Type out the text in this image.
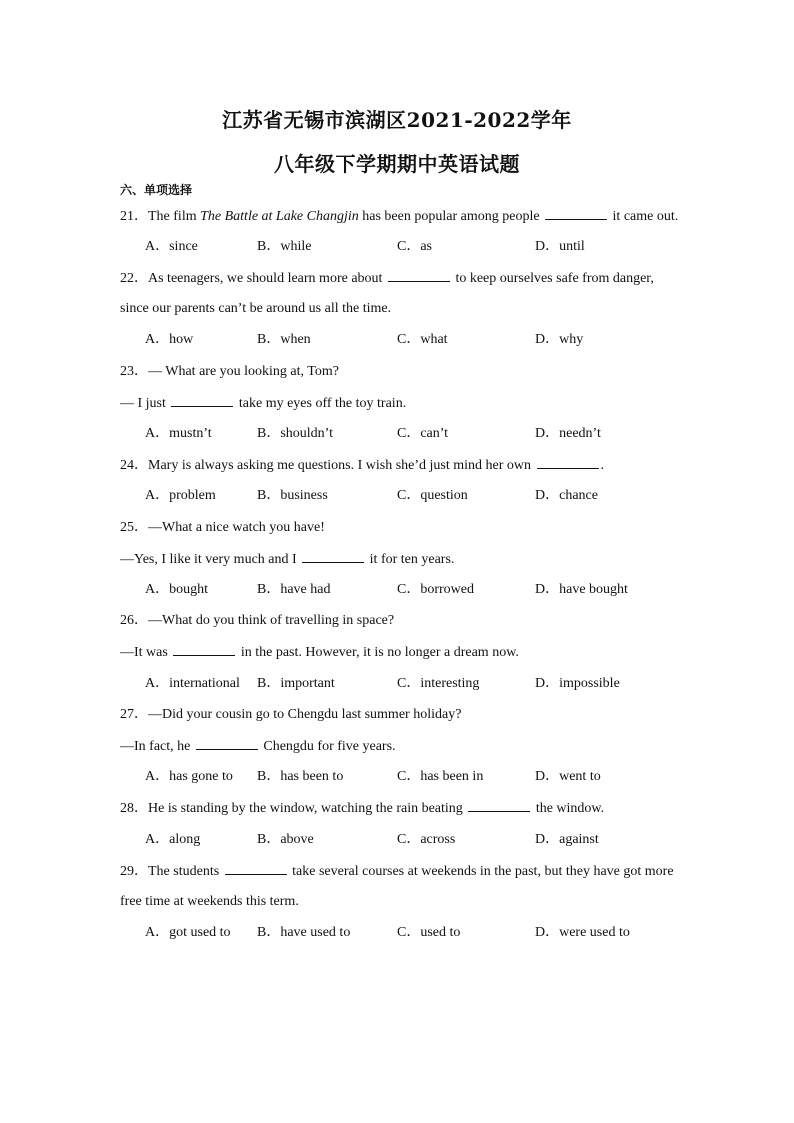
江苏省无锡市滨湖区2021-2022学年
八年级下学期期中英语试题
六、单项选择
21．The film The Battle at Lake Changjin has been popular among people	it came out.
A．since	B．while	C．as	D．until
22．As teenagers, we should learn more about	to keep ourselves safe from danger,
since our parents can’t be around us all the time.
A．how	B．when	C．what	D．why
23．— What are you looking at, Tom?
— I just	take my eyes off the toy train.
A．mustn’t	B．shouldn’t	C．can’t	D．needn’t
24．Mary is always asking me questions. I wish she’d just mind her own	.
A．problem	B．business	C．question	D．chance
25．—What a nice watch you have!
—Yes, I like it very much and I	it for ten years.
A．bought	B．have had	C．borrowed	D．have bought
26．—What do you think of travelling in space?
—It was	in the past. However, it is no longer a dream now.
A．international B．important	C．interesting	D．impossible
27．—Did your cousin go to Chengdu last summer holiday?
—In fact, he	Chengdu for five years.
A．has gone to B．has been to	C．has been in	D．went to
28．He is standing by the window, watching the rain beating	the window.
A．along	B．above	C．across	D．against
29．The students	take several courses at weekends in the past, but they have got more
free time at weekends this term.
A．got used to B．have used to	C．used to	D．were used to
